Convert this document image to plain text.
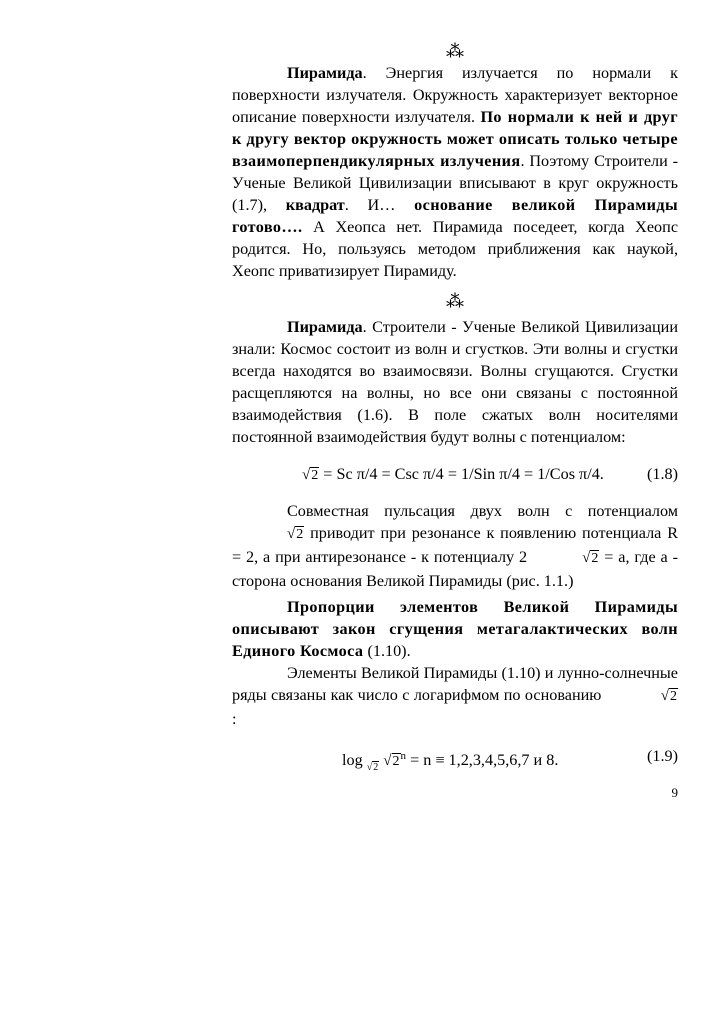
⁂

Пирамида. Энергия излучается по нормали к поверхности излучателя. Окружность характеризует векторное описание поверхности излучателя. По нормали к ней и друг к другу вектор окружность может описать только четыре взаимоперпендикулярных излучения. Поэтому Строители - Ученые Великой Цивилизации вписывают в круг окружность (1.7), квадрат. И… основание великой Пирамиды готово…. А Хеопса нет. Пирамида поседеет, когда Хеопс родится. Но, пользуясь методом приближения как наукой, Хеопс приватизирует Пирамиду.

⁂

Пирамида. Строители - Ученые Великой Цивилизации знали: Космос состоит из волн и сгустков. Эти волны и сгустки всегда находятся во взаимосвязи. Волны сгущаются. Сгустки расщепляются на волны, но все они связаны с постоянной взаимодействия (1.6). В поле сжатых волн носителями постоянной взаимодействия будут волны с потенциалом:

√2 = Sc π/4 = Csc π/4 = 1/Sin π/4 = 1/Cos π/4.	(1.8)

Совместная пульсация двух волн с потенциалом √2 приводит при резонансе к появлению потенциала R = 2, а при антирезонансе - к потенциалу 2	√2 = a, где а - сторона основания Великой Пирамиды (рис. 1.1.)

Пропорции элементов Великой Пирамиды описывают закон сгущения метагалактических волн Единого Космоса (1.10).

Элементы Великой Пирамиды (1.10) и лунно-солнечные ряды связаны как число с логарифмом по основанию	√2 :

log √2 $√2^n = n \equiv 1,2,3,4,5,6,7$ и 8.	(1.9)
9
